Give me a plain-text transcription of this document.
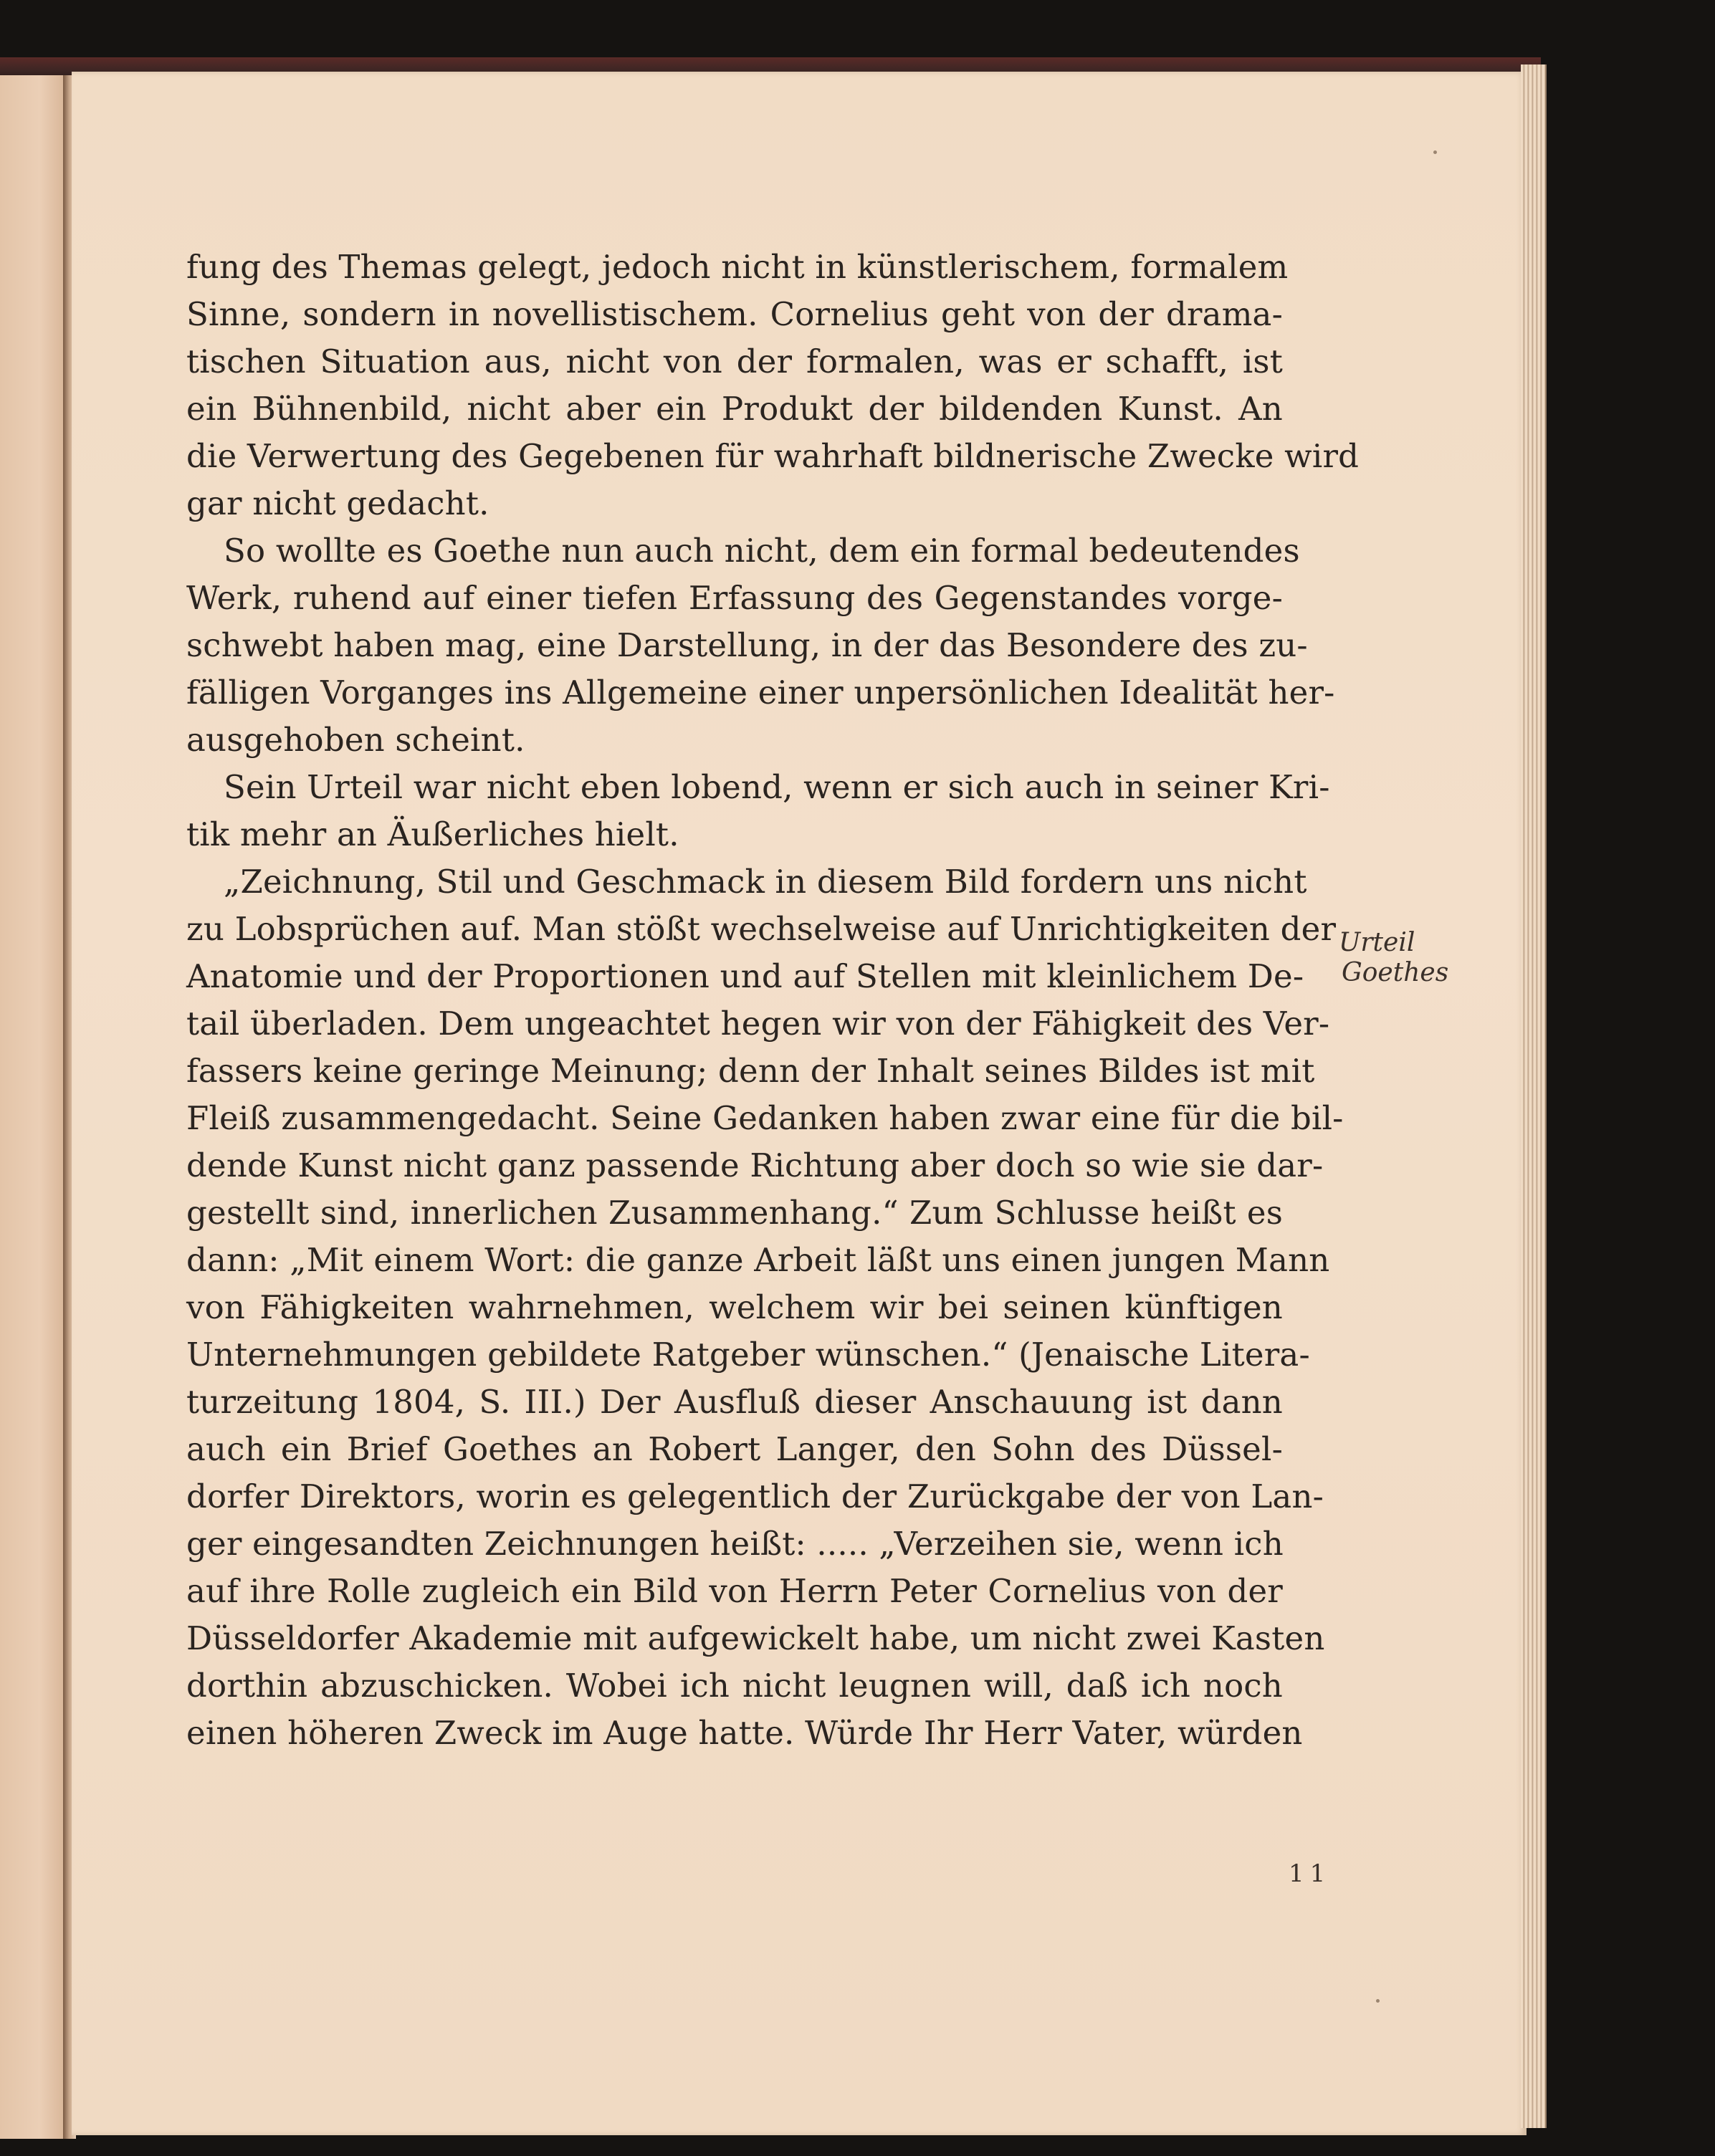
fung des Themas gelegt, jedoch nicht in künstlerischem, formalem
Sinne, sondern in novellistischem. Cornelius geht von der drama-
tischen Situation aus, nicht von der formalen, was er schafft, ist
ein Bühnenbild, nicht aber ein Produkt der bildenden Kunst. An
die Verwertung des Gegebenen für wahrhaft bildnerische Zwecke wird
gar nicht gedacht.
So wollte es Goethe nun auch nicht, dem ein formal bedeutendes
Werk, ruhend auf einer tiefen Erfassung des Gegenstandes vorge-
schwebt haben mag, eine Darstellung, in der das Besondere des zu-
fälligen Vorganges ins Allgemeine einer unpersönlichen Idealität her-
ausgehoben scheint.
Sein Urteil war nicht eben lobend, wenn er sich auch in seiner Kri-
tik mehr an Äußerliches hielt.
„Zeichnung, Stil und Geschmack in diesem Bild fordern uns nicht
zu Lobsprüchen auf. Man stößt wechselweise auf Unrichtigkeiten der
Anatomie und der Proportionen und auf Stellen mit kleinlichem De-
tail überladen. Dem ungeachtet hegen wir von der Fähigkeit des Ver-
fassers keine geringe Meinung; denn der Inhalt seines Bildes ist mit
Fleiß zusammengedacht. Seine Gedanken haben zwar eine für die bil-
dende Kunst nicht ganz passende Richtung aber doch so wie sie dar-
gestellt sind, innerlichen Zusammenhang.“ Zum Schlusse heißt es
dann: „Mit einem Wort: die ganze Arbeit läßt uns einen jungen Mann
von Fähigkeiten wahrnehmen, welchem wir bei seinen künftigen
Unternehmungen gebildete Ratgeber wünschen.“ (Jenaische Litera-
turzeitung 1804, S. III.) Der Ausfluß dieser Anschauung ist dann
auch ein Brief Goethes an Robert Langer, den Sohn des Düssel-
dorfer Direktors, worin es gelegentlich der Zurückgabe der von Lan-
ger eingesandten Zeichnungen heißt: ..... „Verzeihen sie, wenn ich
auf ihre Rolle zugleich ein Bild von Herrn Peter Cornelius von der
Düsseldorfer Akademie mit aufgewickelt habe, um nicht zwei Kasten
dorthin abzuschicken. Wobei ich nicht leugnen will, daß ich noch
einen höheren Zweck im Auge hatte. Würde Ihr Herr Vater, würden
Urteil
Goethes
11
